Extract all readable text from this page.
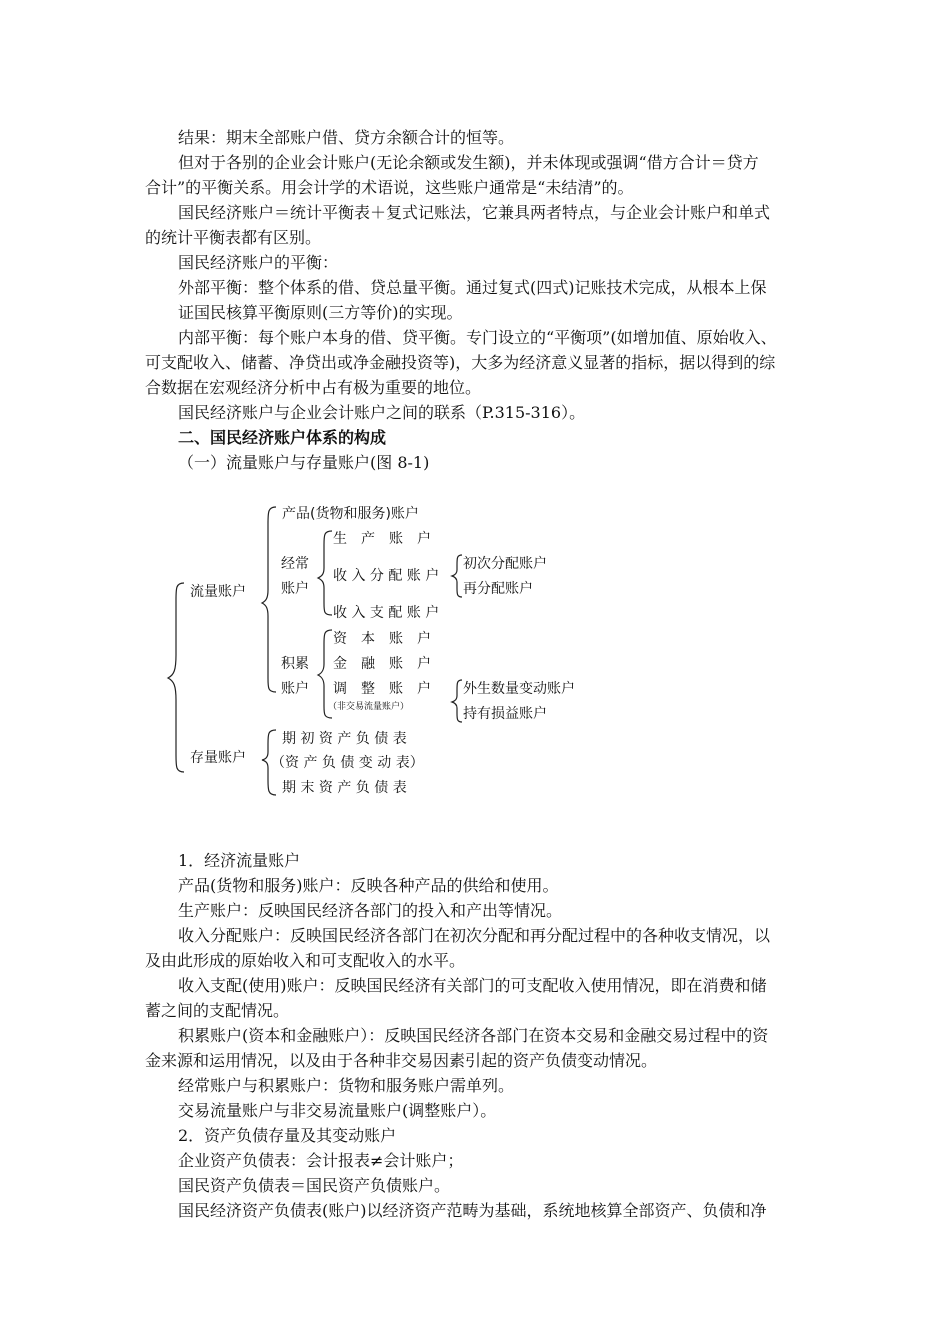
结果：期末全部账户借、贷方余额合计的恒等。
但对于各别的企业会计账户(无论余额或发生额)，并未体现或强调“借方合计＝贷方
合计”的平衡关系。用会计学的术语说，这些账户通常是“未结清”的。
国民经济账户＝统计平衡表＋复式记账法，它兼具两者特点，与企业会计账户和单式
的统计平衡表都有区别。
国民经济账户的平衡：
外部平衡：整个体系的借、贷总量平衡。通过复式(四式)记账技术完成，从根本上保
证国民核算平衡原则(三方等价)的实现。
内部平衡：每个账户本身的借、贷平衡。专门设立的“平衡项”(如增加值、原始收入、
可支配收入、储蓄、净贷出或净金融投资等)，大多为经济意义显著的指标，据以得到的综
合数据在宏观经济分析中占有极为重要的地位。
国民经济账户与企业会计账户之间的联系（P.315-316）。
二、国民经济账户体系的构成
（一）流量账户与存量账户(图 8-1)
流量账户
存量账户
产品(货物和服务)账户
经常
账户
生　产　账　户
收 入 分 配 账 户
初次分配账户
再分配账户
收 入 支 配 账 户
积累
账户
资　本　账　户
金　融　账　户
调　整　账　户
（非交易流量账户）
外生数量变动账户
持有损益账户
期 初 资 产 负 债 表
（资 产 负 债 变 动 表）
期 末 资 产 负 债 表
1．经济流量账户
产品(货物和服务)账户：反映各种产品的供给和使用。
生产账户：反映国民经济各部门的投入和产出等情况。
收入分配账户：反映国民经济各部门在初次分配和再分配过程中的各种收支情况，以
及由此形成的原始收入和可支配收入的水平。
收入支配(使用)账户：反映国民经济有关部门的可支配收入使用情况，即在消费和储
蓄之间的支配情况。
积累账户(资本和金融账户）：反映国民经济各部门在资本交易和金融交易过程中的资
金来源和运用情况，以及由于各种非交易因素引起的资产负债变动情况。
经常账户与积累账户：货物和服务账户需单列。
交易流量账户与非交易流量账户(调整账户）。
2．资产负债存量及其变动账户
企业资产负债表：会计报表≠会计账户；
国民资产负债表＝国民资产负债账户。
国民经济资产负债表(账户)以经济资产范畴为基础，系统地核算全部资产、负债和净
